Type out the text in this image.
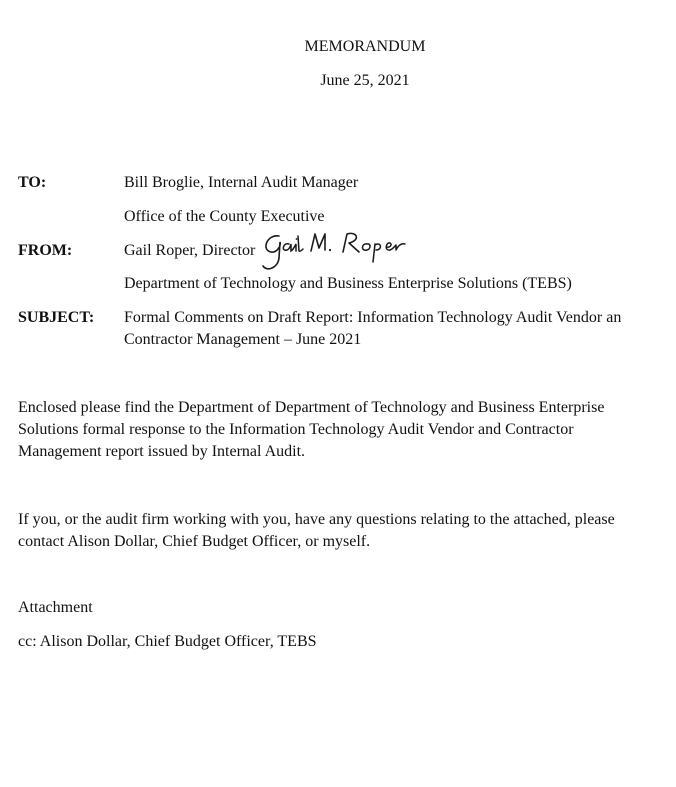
MEMORANDUM
June 25, 2021
TO:	Bill Broglie, Internal Audit Manager
Office of the County Executive
FROM:	Gail Roper, Director
Department of Technology and Business Enterprise Solutions (TEBS)
SUBJECT: Formal Comments on Draft Report: Information Technology Audit Vendor an
Contractor Management – June 2021
Enclosed please find the Department of Department of Technology and Business Enterprise
Solutions formal response to the Information Technology Audit Vendor and Contractor
Management report issued by Internal Audit.
If you, or the audit firm working with you, have any questions relating to the attached, please
contact Alison Dollar, Chief Budget Officer, or myself.
Attachment
cc: Alison Dollar, Chief Budget Officer, TEBS
